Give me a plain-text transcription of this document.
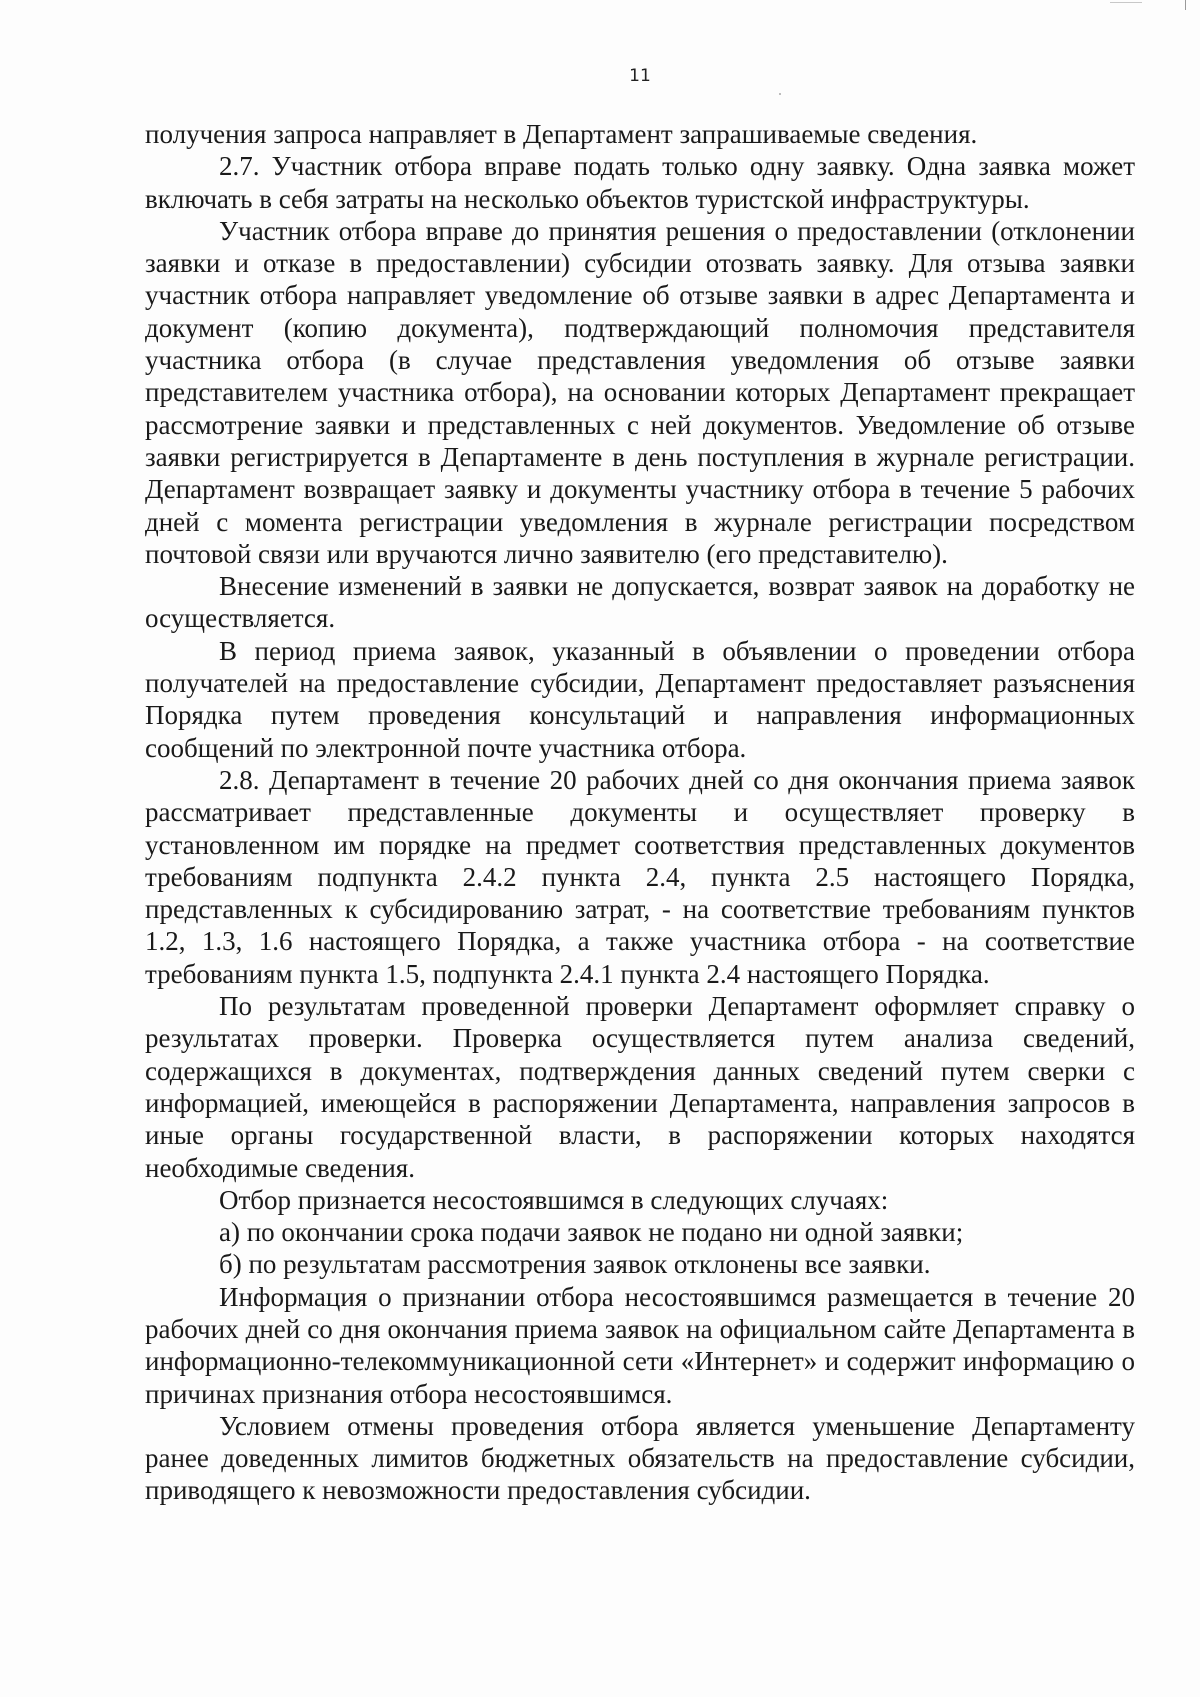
11

получения запроса направляет в Департамент запрашиваемые сведения.

2.7. Участник отбора вправе подать только одну заявку. Одна заявка может включать в себя затраты на несколько объектов туристской инфраструктуры.

Участник отбора вправе до принятия решения о предоставлении (отклонении заявки и отказе в предоставлении) субсидии отозвать заявку. Для отзыва заявки участник отбора направляет уведомление об отзыве заявки в адрес Департамента и документ (копию документа), подтверждающий полномочия представителя участника отбора (в случае представления уведомления об отзыве заявки представителем участника отбора), на основании которых Департамент прекращает рассмотрение заявки и представленных с ней документов. Уведомление об отзыве заявки регистрируется в Департаменте в день поступления в журнале регистрации. Департамент возвращает заявку и документы участнику отбора в течение 5 рабочих дней с момента регистрации уведомления в журнале регистрации посредством почтовой связи или вручаются лично заявителю (его представителю).

Внесение изменений в заявки не допускается, возврат заявок на доработку не осуществляется.

В период приема заявок, указанный в объявлении о проведении отбора получателей на предоставление субсидии, Департамент предоставляет разъяснения Порядка путем проведения консультаций и направления информационных сообщений по электронной почте участника отбора.

2.8. Департамент в течение 20 рабочих дней со дня окончания приема заявок рассматривает представленные документы и осуществляет проверку в установленном им порядке на предмет соответствия представленных документов требованиям подпункта 2.4.2 пункта 2.4, пункта 2.5 настоящего Порядка, представленных к субсидированию затрат, - на соответствие требованиям пунктов 1.2, 1.3, 1.6 настоящего Порядка, а также участника отбора - на соответствие требованиям пункта 1.5, подпункта 2.4.1 пункта 2.4 настоящего Порядка.

По результатам проведенной проверки Департамент оформляет справку о результатах проверки. Проверка осуществляется путем анализа сведений, содержащихся в документах, подтверждения данных сведений путем сверки с информацией, имеющейся в распоряжении Департамента, направления запросов в иные органы государственной власти, в распоряжении которых находятся необходимые сведения.

Отбор признается несостоявшимся в следующих случаях:

а) по окончании срока подачи заявок не подано ни одной заявки;

б) по результатам рассмотрения заявок отклонены все заявки.

Информация о признании отбора несостоявшимся размещается в течение 20 рабочих дней со дня окончания приема заявок на официальном сайте Департамента в информационно-телекоммуникационной сети «Интернет» и содержит информацию о причинах признания отбора несостоявшимся.

Условием отмены проведения отбора является уменьшение Департаменту ранее доведенных лимитов бюджетных обязательств на предоставление субсидии, приводящего к невозможности предоставления субсидии.
